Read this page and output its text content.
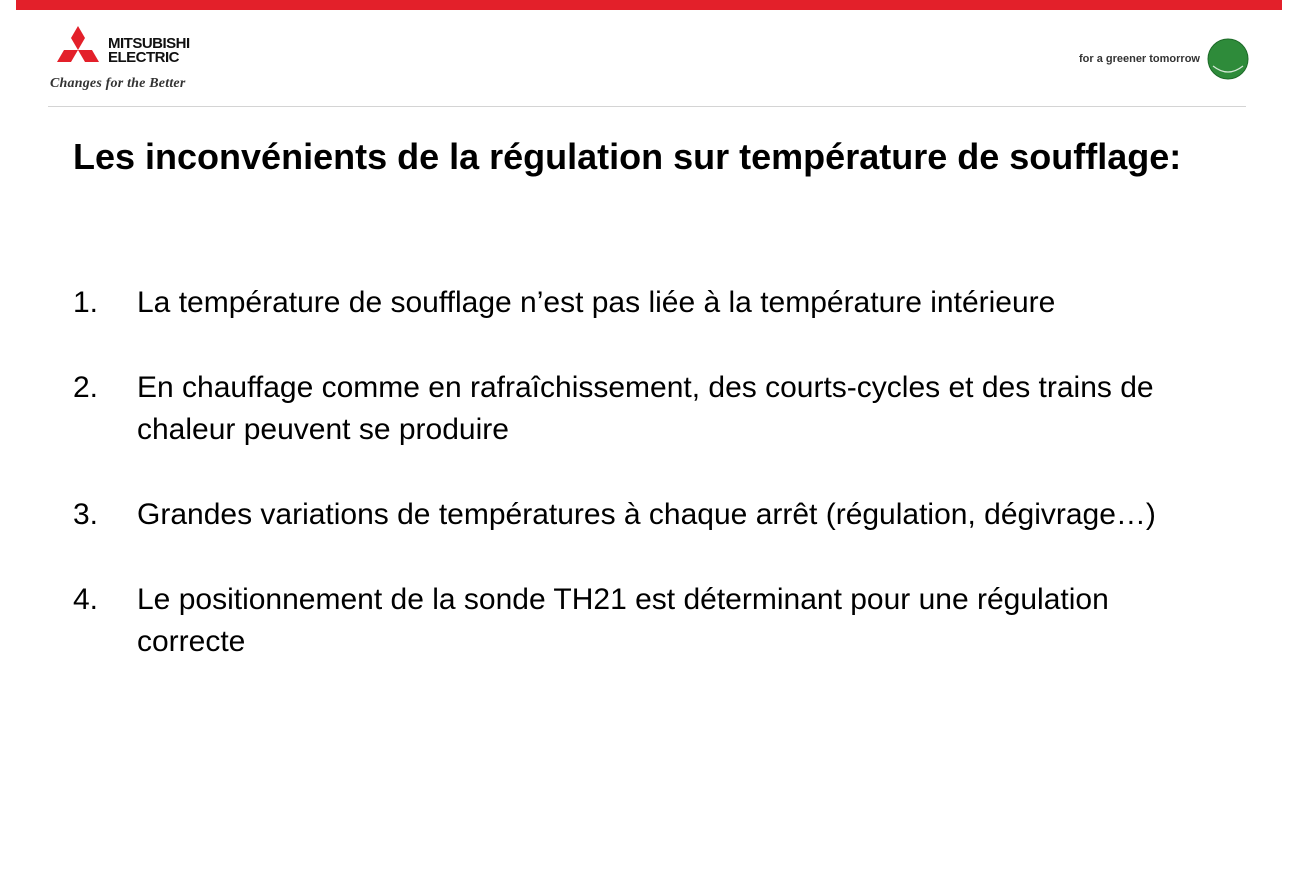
MITSUBISHI
ELECTRIC
Changes for the Better
for a greener tomorrow	eco
Changes
Les inconvénients de la régulation sur température de soufflage:
1.	La température de soufflage n’est pas liée à la température intérieure
2.	En chauffage comme en rafraîchissement, des courts-cycles et des trains de chaleur peuvent se produire
3.	Grandes variations de températures à chaque arrêt (régulation, dégivrage…)
4.	Le positionnement de la sonde TH21 est déterminant pour une régulation correcte
